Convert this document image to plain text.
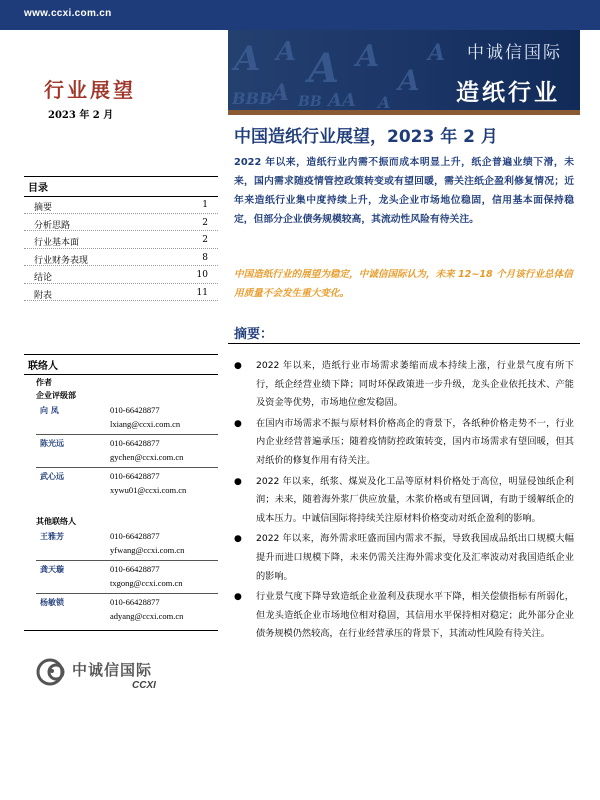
www.ccxi.com.cn
A A A A
BBB A BB AA
A
A
A
中诚信国际
造纸行业
行业展望
2023 年 2 月
目录
摘要	1
分析思路	2
行业基本面	2
行业财务表现	8
结论	10
附表	11
联络人
作者
企业评级部
向 凤	010-66428877
lxiang@ccxi.com.cn
陈光远	010-66428877
gychen@ccxi.com.cn
武心远	010-66428877
xywu01@ccxi.com.cn
其他联络人
王雅芳	010-66428877
yfwang@ccxi.com.cn
龚天璇	010-66428877
txgong@ccxi.com.cn
杨敏锁	010-66428877
adyang@ccxi.com.cn
中诚信国际
CCXI
中国造纸行业展望，2023 年 2 月
2022 年以来，造纸行业内需不振而成本明显上升，纸企普遍业绩下滑，未来，国内需求随疫情管控政策转变或有望回暖，需关注纸企盈利修复情况；近年来造纸行业集中度持续上升，龙头企业市场地位稳固，信用基本面保持稳定，但部分企业债务规模较高，其流动性风险有待关注。
中国造纸行业的展望为稳定，中诚信国际认为，未来 12~18 个月该行业总体信用质量不会发生重大变化。
摘要：
● 2022 年以来，造纸行业市场需求萎缩而成本持续上涨，行业景气度有所下行，纸企经营业绩下降；同时环保政策进一步升级，龙头企业依托技术、产能及资金等优势，市场地位愈发稳固。
● 在国内市场需求不振与原材料价格高企的背景下，各纸种价格走势不一，行业内企业经营普遍承压；随着疫情防控政策转变，国内市场需求有望回暖，但其对纸价的修复作用有待关注。
● 2022 年以来，纸浆、煤炭及化工品等原材料价格处于高位，明显侵蚀纸企利润；未来，随着海外浆厂供应放量，木浆价格或有望回调，有助于缓解纸企的成本压力。中诚信国际将持续关注原材料价格变动对纸企盈利的影响。
● 2022 年以来，海外需求旺盛而国内需求不振，导致我国成品纸出口规模大幅提升而进口规模下降，未来仍需关注海外需求变化及汇率波动对我国造纸企业的影响。
● 行业景气度下降导致造纸企业盈利及获现水平下降，相关偿债指标有所弱化，但龙头造纸企业市场地位相对稳固，其信用水平保持相对稳定；此外部分企业债务规模仍然较高，在行业经营承压的背景下，其流动性风险有待关注。
